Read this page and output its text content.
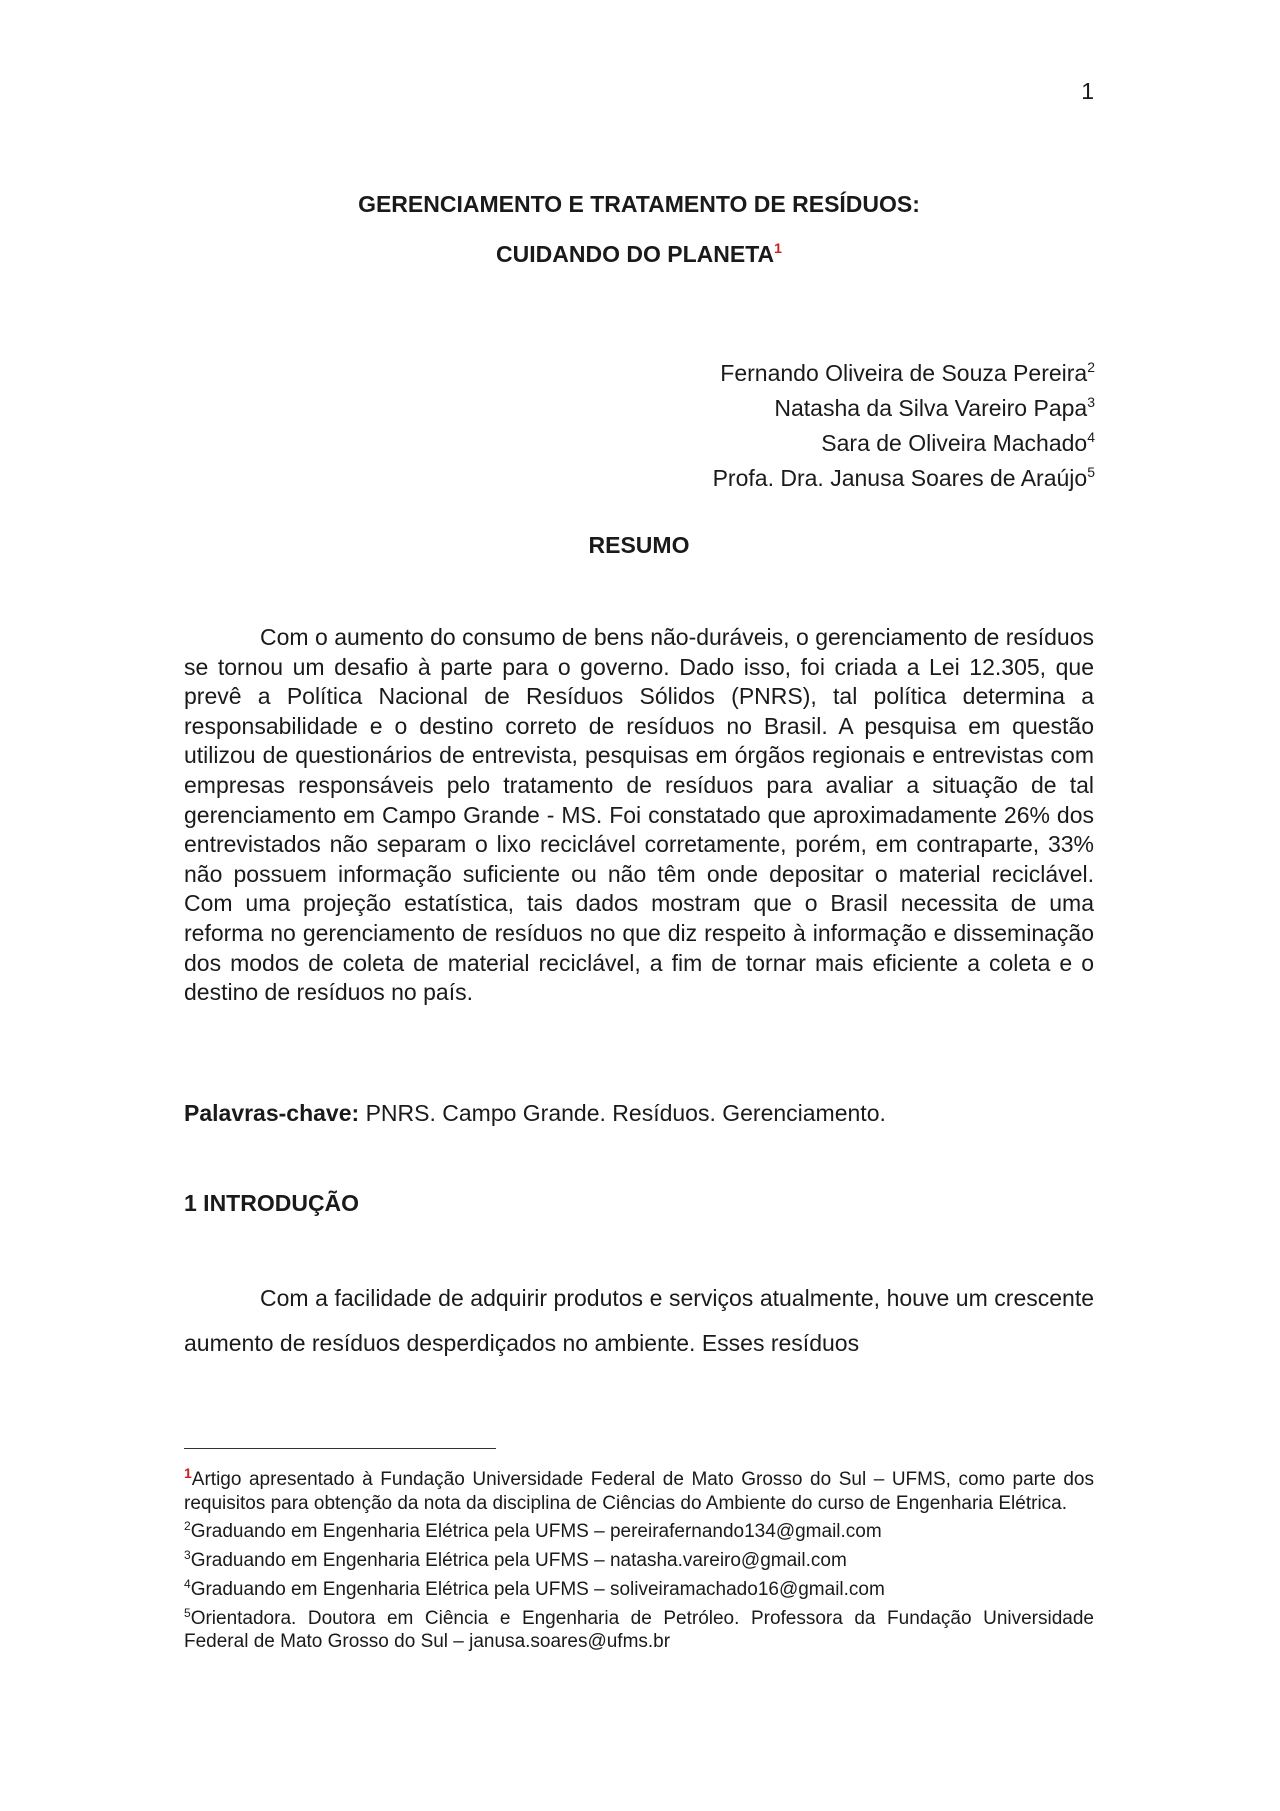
1
GERENCIAMENTO E TRATAMENTO DE RESÍDUOS:
CUIDANDO DO PLANETA$^1$
Fernando Oliveira de Souza Pereira$^2$
Natasha da Silva Vareiro Papa$^3$
Sara de Oliveira Machado$^4$
Profa. Dra. Janusa Soares de Araújo$^5$
RESUMO

Com o aumento do consumo de bens não-duráveis, o gerenciamento de resíduos se tornou um desafio à parte para o governo. Dado isso, foi criada a Lei 12.305, que prevê a Política Nacional de Resíduos Sólidos (PNRS), tal política determina a responsabilidade e o destino correto de resíduos no Brasil. A pesquisa em questão utilizou de questionários de entrevista, pesquisas em órgãos regionais e entrevistas com empresas responsáveis pelo tratamento de resíduos para avaliar a situação de tal gerenciamento em Campo Grande - MS. Foi constatado que aproximadamente 26% dos entrevistados não separam o lixo reciclável corretamente, porém, em contraparte, 33% não possuem informação suficiente ou não têm onde depositar o material reciclável. Com uma projeção estatística, tais dados mostram que o Brasil necessita de uma reforma no gerenciamento de resíduos no que diz respeito à informação e disseminação dos modos de coleta de material reciclável, a fim de tornar mais eficiente a coleta e o destino de resíduos no país.

Palavras-chave: PNRS. Campo Grande. Resíduos. Gerenciamento.

1 INTRODUÇÃO

Com a facilidade de adquirir produtos e serviços atualmente, houve um crescente aumento de resíduos desperdiçados no ambiente. Esses resíduos

$^1$Artigo apresentado à Fundação Universidade Federal de Mato Grosso do Sul – UFMS, como parte dos requisitos para obtenção da nota da disciplina de Ciências do Ambiente do curso de Engenharia Elétrica.

$^2$Graduando em Engenharia Elétrica pela UFMS – pereirafernando134@gmail.com

$^3$Graduando em Engenharia Elétrica pela UFMS – natasha.vareiro@gmail.com

$^4$Graduando em Engenharia Elétrica pela UFMS – soliveiramachado16@gmail.com

$^5$Orientadora. Doutora em Ciência e Engenharia de Petróleo. Professora da Fundação Universidade Federal de Mato Grosso do Sul – janusa.soares@ufms.br
